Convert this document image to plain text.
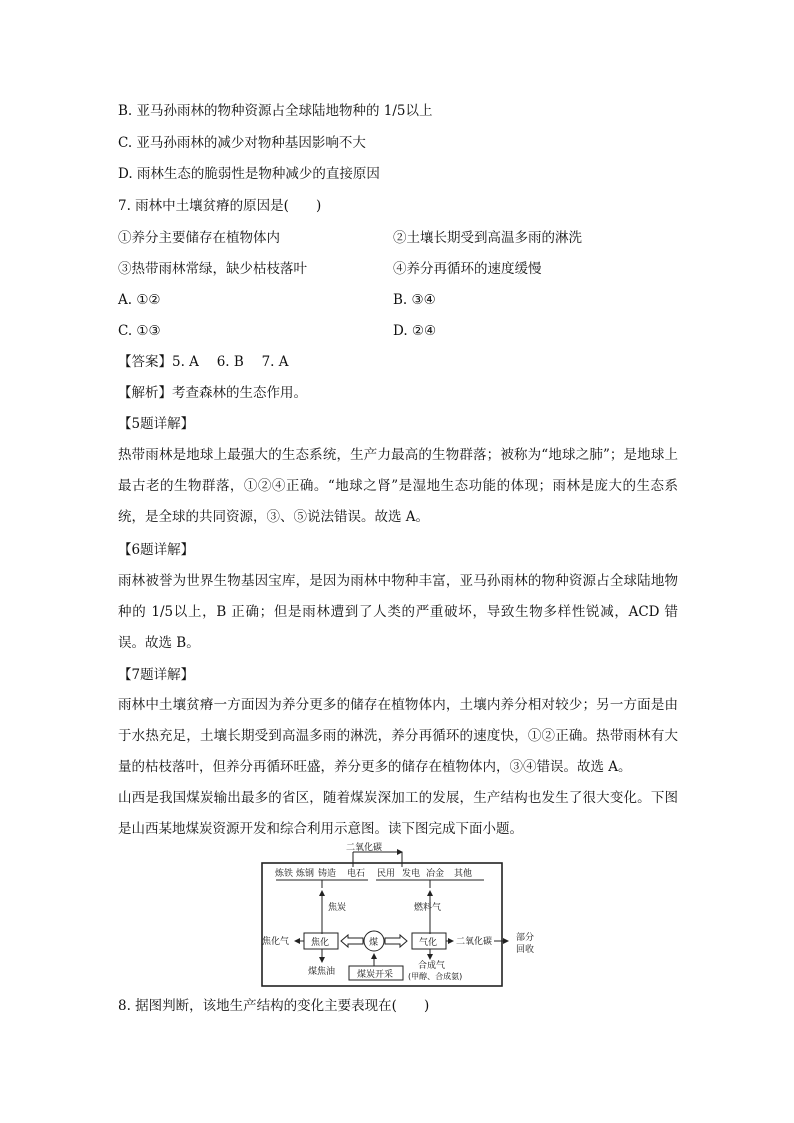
B. 亚马孙雨林的物种资源占全球陆地物种的 1/5以上
C. 亚马孙雨林的减少对物种基因影响不大
D. 雨林生态的脆弱性是物种减少的直接原因
7. 雨林中土壤贫瘠的原因是(　　)
①养分主要储存在植物体内	②土壤长期受到高温多雨的淋洗
③热带雨林常绿，缺少枯枝落叶	④养分再循环的速度缓慢
A. ①②	B. ③④
C. ①③	D. ②④
【答案】5. A　 6. B　 7. A
【解析】考查森林的生态作用。
【5题详解】
热带雨林是地球上最强大的生态系统，生产力最高的生物群落；被称为“地球之肺”；是地球上最古老的生物群落，①②④正确。“地球之肾”是湿地生态功能的体现；雨林是庞大的生态系统，是全球的共同资源，③、⑤说法错误。故选 A。
【6题详解】
雨林被誉为世界生物基因宝库，是因为雨林中物种丰富，亚马孙雨林的物种资源占全球陆地物种的 1/5以上，B 正确；但是雨林遭到了人类的严重破坏，导致生物多样性锐减，ACD 错误。故选 B。
【7题详解】
雨林中土壤贫瘠一方面因为养分更多的储存在植物体内，土壤内养分相对较少；另一方面是由于水热充足，土壤长期受到高温多雨的淋洗，养分再循环的速度快，①②正确。热带雨林有大量的枯枝落叶，但养分再循环旺盛，养分更多的储存在植物体内，③④错误。故选 A。
山西是我国煤炭输出最多的省区，随着煤炭深加工的发展，生产结构也发生了很大变化。下图是山西某地煤炭资源开发和综合利用示意图。读下图完成下面小题。
二氧化碳
炼铁 炼钢 铸造 电石 民用 发电 冶金 其他
焦炭	燃料气
焦化气 焦化	煤	气化 二氧化碳	部分
回收
煤焦油
合成气
(甲醇、合成氨)
煤炭开采
8. 据图判断，该地生产结构的变化主要表现在(　　)
